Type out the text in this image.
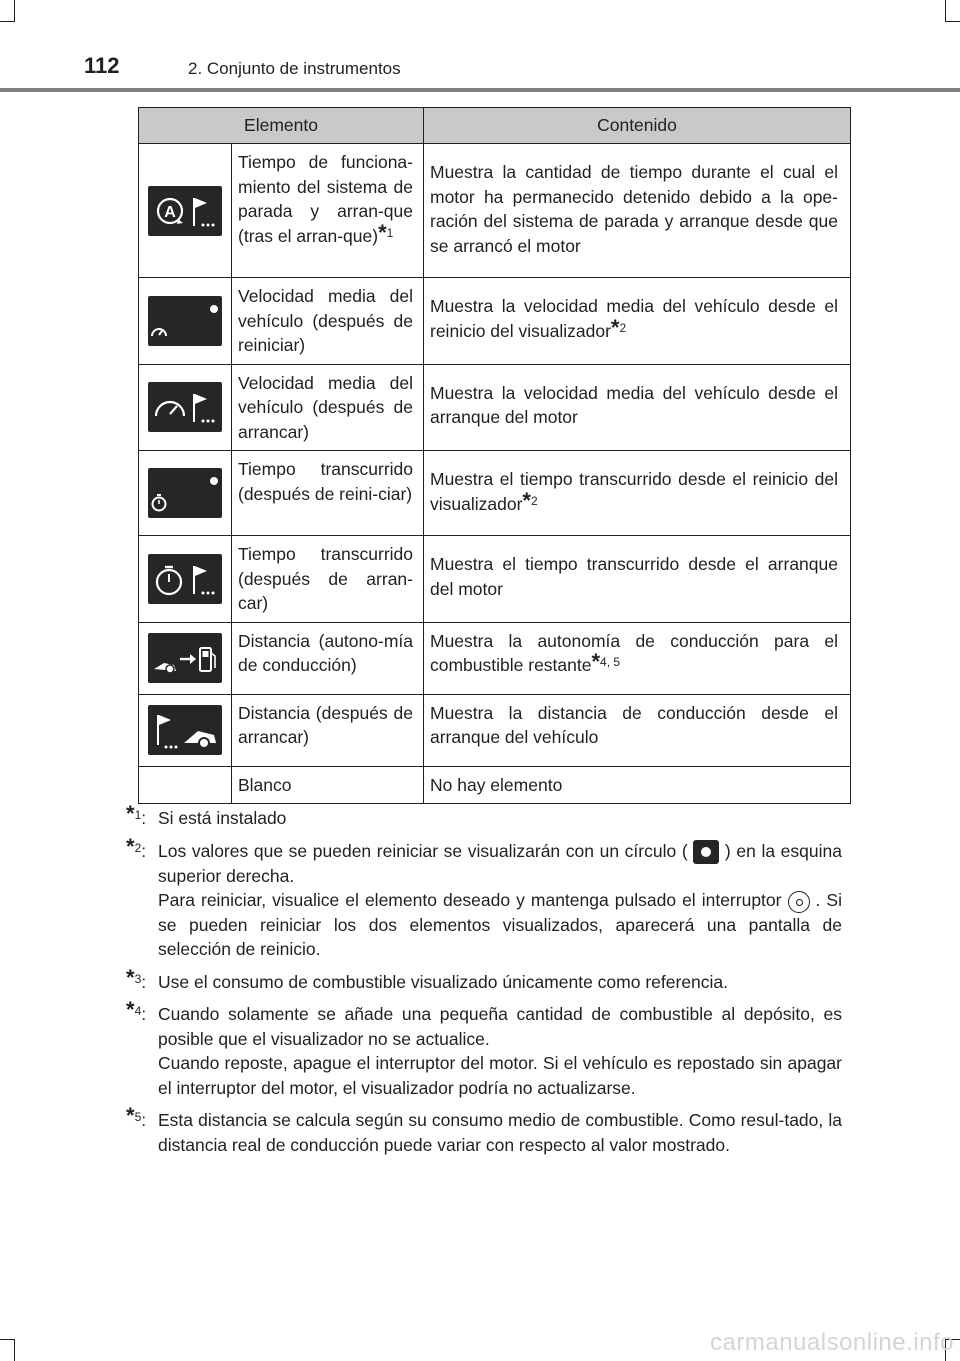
112	2. Conjunto de instrumentos
Elemento		Contenido

A	Tiempo de funciona-miento del sistema de parada y arran-que (tras el arran-que)*$^1$	Muestra la cantidad de tiempo durante el cual el motor ha permanecido detenido debido a la ope-ración del sistema de parada y arranque desde que se arrancó el motor

	Velocidad media del vehículo (después de reiniciar)	Muestra la velocidad media del vehículo desde el reinicio del visualizador*$^2$

	Velocidad media del vehículo (después de arrancar)	Muestra la velocidad media del vehículo desde el arranque del motor

	Tiempo transcurrido (después de reini-ciar)	Muestra el tiempo transcurrido desde el reinicio del visualizador*$^2$

	Tiempo transcurrido (después de arran-car)	Muestra el tiempo transcurrido desde el arranque del motor

	Distancia (autono-mía de conducción)	Muestra la autonomía de conducción para el combustible restante*$^{4, 5}$

	Distancia (después de arrancar)	Muestra la distancia de conducción desde el arranque del vehículo
	Blanco	No hay elemento
*$^1$: Si está instalado

*$^2$: Los valores que se pueden reiniciar se visualizarán con un círculo ( ) en la esquina superior derecha.

Para reiniciar, visualice el elemento deseado y mantenga pulsado el interruptor . Si se pueden reiniciar los dos elementos visualizados, aparecerá una pantalla de selección de reinicio.

*$^3$: Use el consumo de combustible visualizado únicamente como referencia.

*$^4$: Cuando solamente se añade una pequeña cantidad de combustible al depósito, es posible que el visualizador no se actualice.

Cuando reposte, apague el interruptor del motor. Si el vehículo es repostado sin apagar el interruptor del motor, el visualizador podría no actualizarse.

*$^5$: Esta distancia se calcula según su consumo medio de combustible. Como resul-tado, la distancia real de conducción puede variar con respecto al valor mostrado.

carmanualsonline.info
